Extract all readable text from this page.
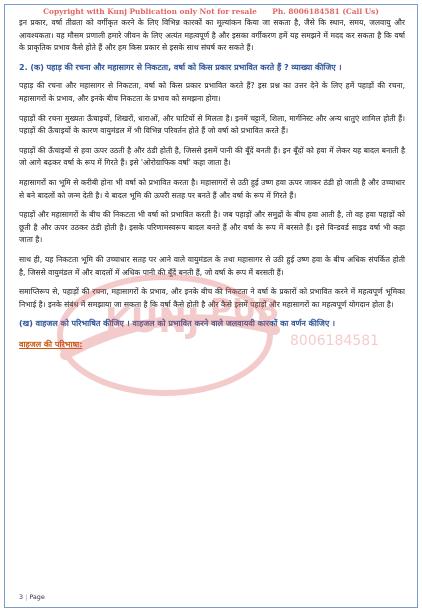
Copyright with Kunj Publication only Not for resale Ph. 8006184581 (Call Us)

इन प्रकार, वर्षा तीव्रता को वर्गीकृत करने के लिए विभिन्न कारकों का मूल्यांकन किया जा सकता है, जैसे कि स्थान, समय, जलवायु और आवश्यकता। यह मौसम प्रणाली हमारे जीवन के लिए अत्यंत महत्वपूर्ण है और इसका वर्गीकरण हमें यह समझने में मदद कर सकता है कि वर्षा के प्राकृतिक प्रभाव कैसे होते हैं और हम किस प्रकार से इसके साथ संघर्ष कर सकते हैं।

2. (क) पहाड़ की रचना और महासागर से निकटता, वर्षा को किस प्रकार प्रभावित करते हैं ? व्याख्या कीजिए ।

पहाड़ की रचना और महासागर से निकटता, वर्षा को किस प्रकार प्रभावित करते हैं? इस प्रश्न का उत्तर देने के लिए हमें पहाड़ों की रचना, महासागरों के प्रभाव, और इनके बीच निकटता के प्रभाव को समझना होगा।

पहाड़ों की रचना मुख्यतः ऊँचाइयों, शिखरों, धाराओं, और घाटियों से मिलता है। इनमें चट्टानें, शिला, मार्गनिस्ट और अन्य धातुएं शामिल होती हैं। पहाड़ों की ऊँचाइयों के कारण वायुमंडल में भी विभिन्न परिवर्तन होते हैं जो वर्षा को प्रभावित करते हैं।

पहाड़ों की ऊँचाइयों से हवा ऊपर उठती है और ठंडी होती है, जिससे इसमें पानी की बूँदें बनती हैं। इन बूँदों को हवा में लेकर यह बादल बनाती है जो आगे बढ़कर वर्षा के रूप में गिरते हैं। इसे 'ओरोग्राफिक वर्षा' कहा जाता है।

महासागरों का भूमि से करीबी होना भी वर्षा को प्रभावित करता है। महासागरों से उठी हुई उष्ण हवा ऊपर जाकर ठंडी हो जाती है और उच्चाधार से बने बादलों को जन्म देती है। ये बादल भूमि की ऊपरी सतह पर बनते हैं और वर्षा के रूप में गिरते हैं।

पहाड़ों और महासागरों के बीच की निकटता भी वर्षा को प्रभावित करती है। जब पहाड़ों और समुद्रों के बीच हवा आती है, तो वह हवा पहाड़ों को छूती है और ऊपर उठकर ठंडी होती है। इसके परिणामस्वरूप बादल बनते हैं और वर्षा के रूप में बरसते हैं। इसे विन्डवर्ड साइड वर्षा भी कहा जाता है।

साथ ही, यह निकटता भूमि की उच्चाधार सतह पर आने वाले वायुमंडल के तथा महासागर से उठी हुई उष्ण हवा के बीच अधिक संपर्कित होती है, जिससे वायुमंडल में और बादलों में अधिक पानी की बूँदें बनती हैं, जो वर्षा के रूप में बरसती हैं।

समाप्तिरूप से, पहाड़ों की रचना, महासागरों के प्रभाव, और इनके बीच की निकटता ने वर्षा के प्रकारों को प्रभावित करने में महत्वपूर्ण भूमिका निभाई है। इनके संबंध में समझाया जा सकता है कि वर्षा कैसे होती है और कैसे इसमें पहाड़ों और महासागरों का महत्वपूर्ण योगदान होता है।

(ख) वाहजल को परिभाषित कीजिए । वाहजल को प्रभावित करने वाले जलवायवी कारकों का वर्णन कीजिए ।
वाहजल की परिभाषा:
KUNJ PUB
8006184581
3 | Page
